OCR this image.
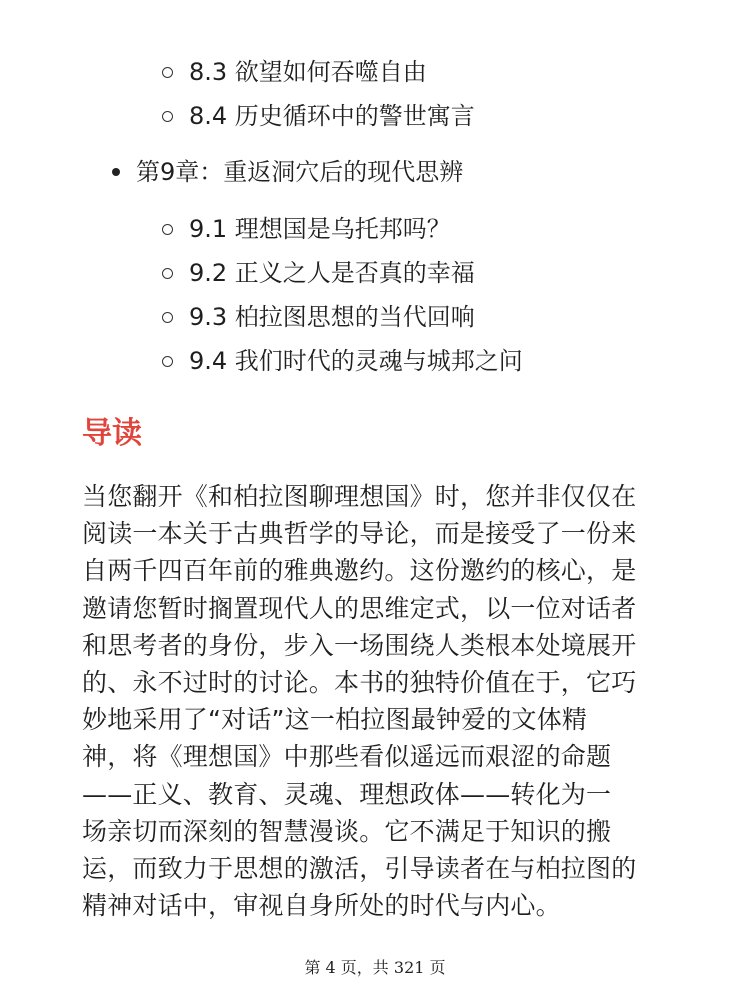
8.3 欲望如何吞噬自由
8.4 历史循环中的警世寓言
第9章：重返洞穴后的现代思辨
9.1 理想国是乌托邦吗？
9.2 正义之人是否真的幸福
9.3 柏拉图思想的当代回响
9.4 我们时代的灵魂与城邦之问
导读
当您翻开《和柏拉图聊理想国》时，您并非仅仅在
阅读一本关于古典哲学的导论，而是接受了一份来
自两千四百年前的雅典邀约。这份邀约的核心，是
邀请您暂时搁置现代人的思维定式，以一位对话者
和思考者的身份，步入一场围绕人类根本处境展开
的、永不过时的讨论。本书的独特价值在于，它巧
妙地采用了“对话”这一柏拉图最钟爱的文体精
神，将《理想国》中那些看似遥远而艰涩的命题
——正义、教育、灵魂、理想政体——转化为一
场亲切而深刻的智慧漫谈。它不满足于知识的搬
运，而致力于思想的激活，引导读者在与柏拉图的
精神对话中，审视自身所处的时代与内心。
第 4 页，共 321 页
